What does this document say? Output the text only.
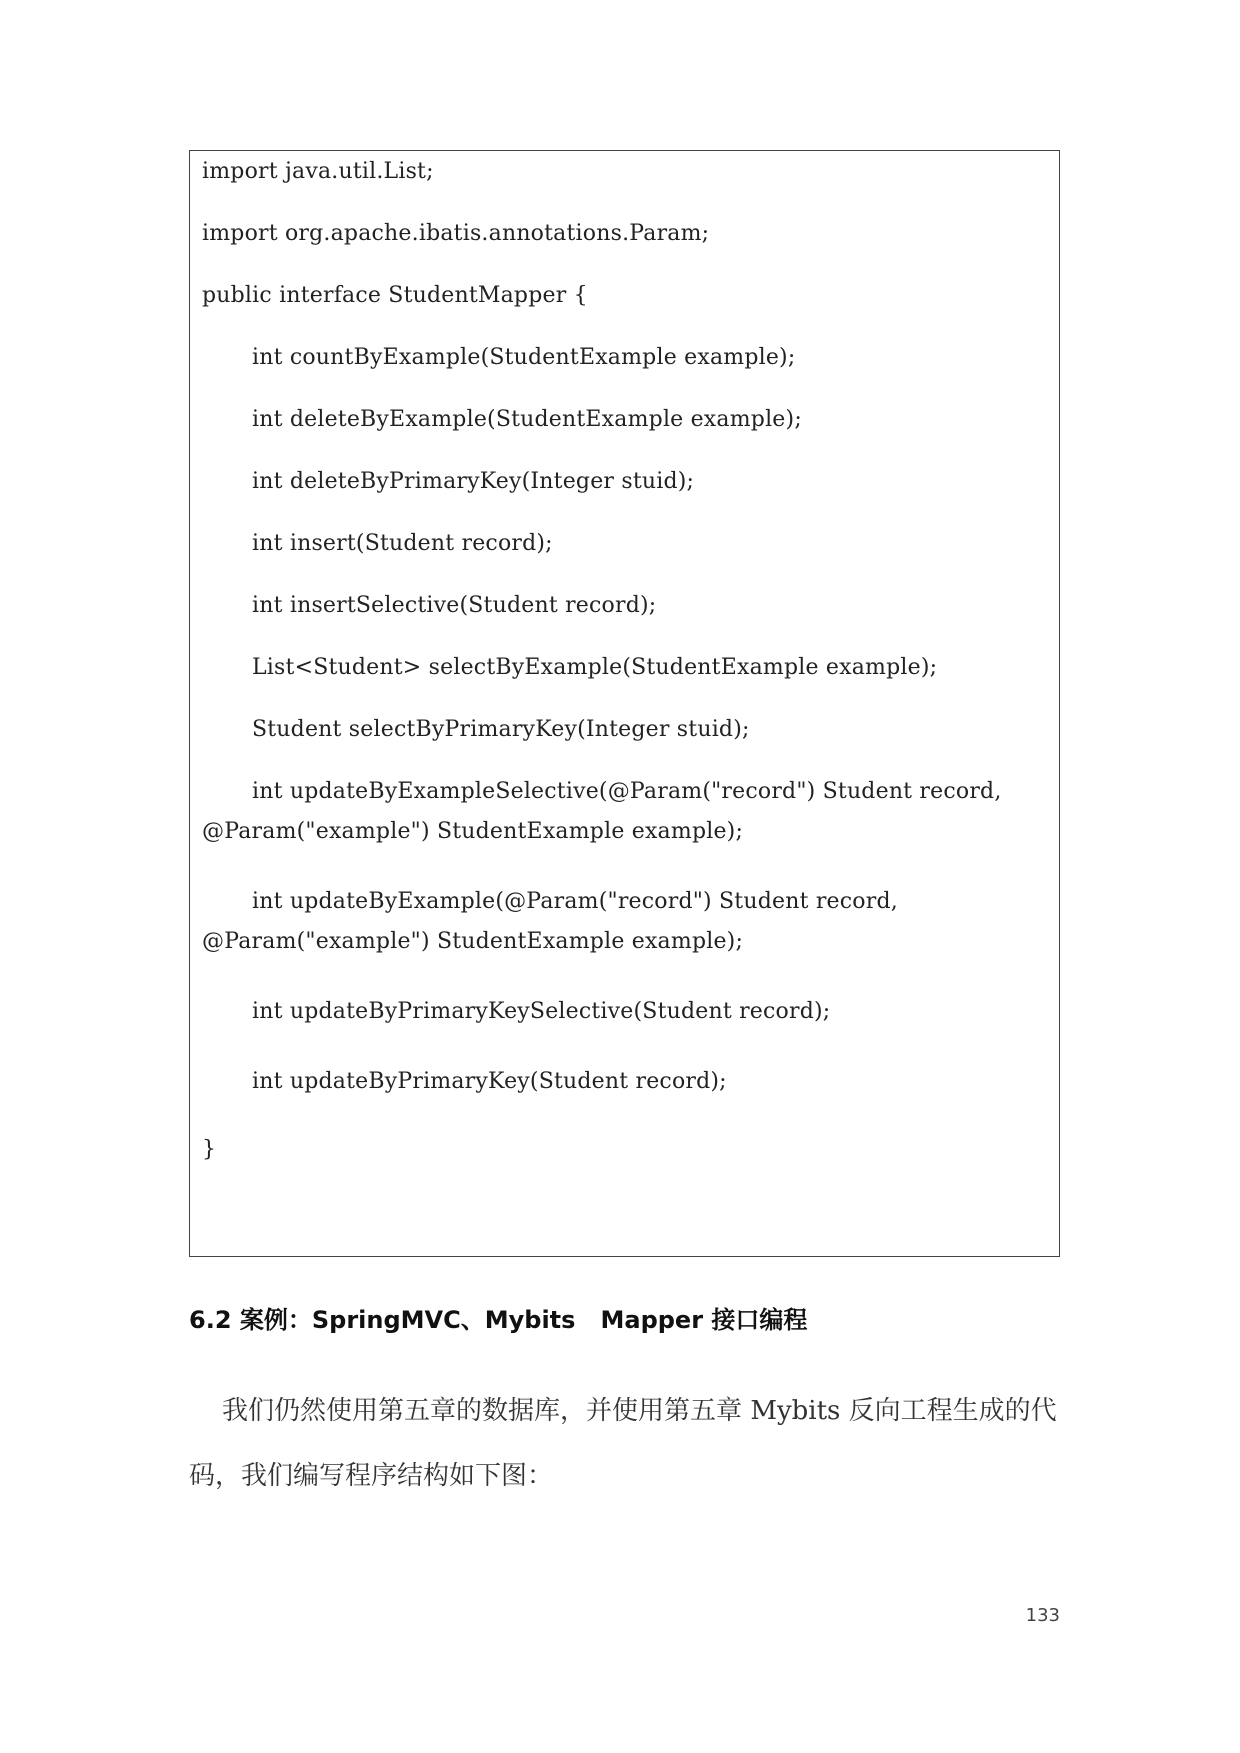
import java.util.List;

import org.apache.ibatis.annotations.Param;

public interface StudentMapper {

int countByExample(StudentExample example);

int deleteByExample(StudentExample example);

int deleteByPrimaryKey(Integer stuid);

int insert(Student record);

int insertSelective(Student record);

List<Student> selectByExample(StudentExample example);

Student selectByPrimaryKey(Integer stuid);

int updateByExampleSelective(@Param("record") Student record,

@Param("example") StudentExample example);

int updateByExample(@Param("record") Student record,

@Param("example") StudentExample example);

int updateByPrimaryKeySelective(Student record);

int updateByPrimaryKey(Student record);

}

6.2 案例：SpringMVC、Mybits   Mapper 接口编程

我们仍然使用第五章的数据库，并使用第五章 Mybits 反向工程生成的代

码，我们编写程序结构如下图：

133
